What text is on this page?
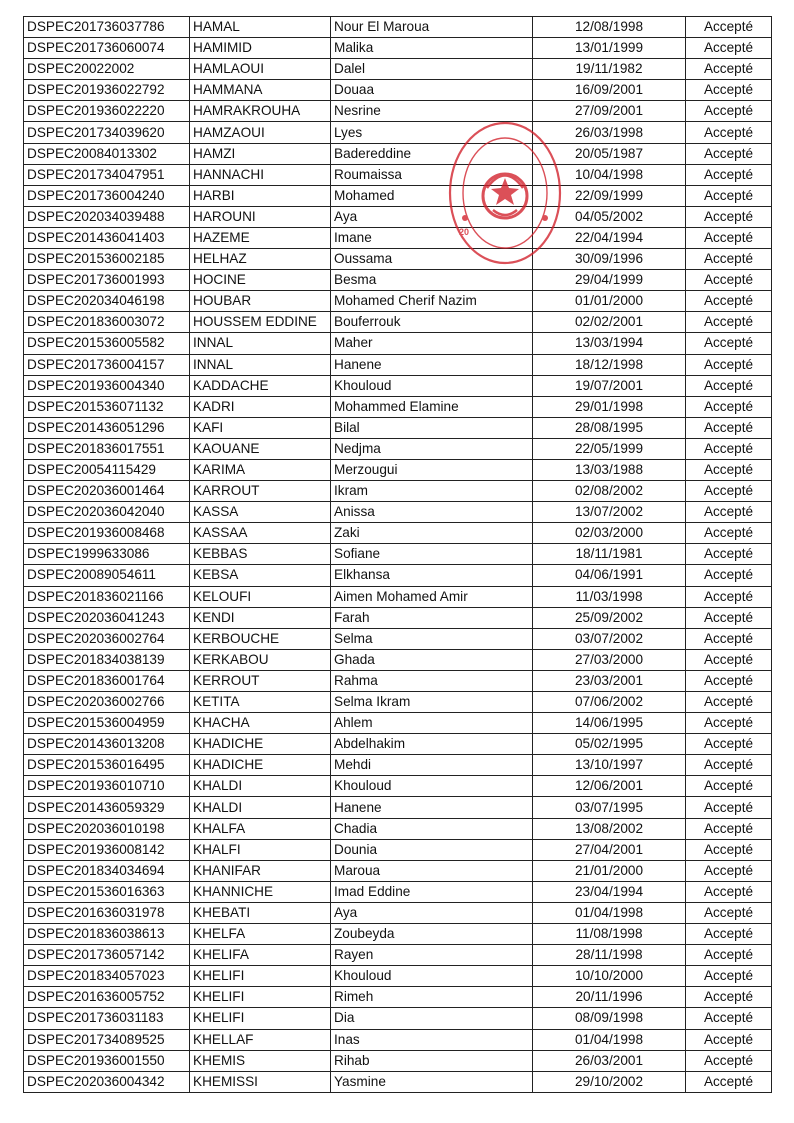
DSPEC201736037786	HAMAL	Nour El Maroua	12/08/1998	Accepté
DSPEC201736060074	HAMIMID	Malika	13/01/1999	Accepté
DSPEC20022002	HAMLAOUI	Dalel	19/11/1982	Accepté
DSPEC201936022792	HAMMANA	Douaa	16/09/2001	Accepté
DSPEC201936022220	HAMRAKROUHA	Nesrine	27/09/2001	Accepté
DSPEC201734039620	HAMZAOUI	Lyes	26/03/1998	Accepté
DSPEC20084013302	HAMZI	Badereddine	20/05/1987	Accepté
DSPEC201734047951	HANNACHI	Roumaissa	10/04/1998	Accepté
DSPEC201736004240	HARBI	Mohamed	22/09/1999	Accepté
DSPEC202034039488	HAROUNI	Aya	04/05/2002	Accepté
DSPEC201436041403	HAZEME	Imane	22/04/1994	Accepté
DSPEC201536002185	HELHAZ	Oussama	30/09/1996	Accepté
DSPEC201736001993	HOCINE	Besma	29/04/1999	Accepté
DSPEC202034046198	HOUBAR	Mohamed Cherif Nazim	01/01/2000	Accepté
DSPEC201836003072	HOUSSEM EDDINE	Bouferrouk	02/02/2001	Accepté
DSPEC201536005582	INNAL	Maher	13/03/1994	Accepté
DSPEC201736004157	INNAL	Hanene	18/12/1998	Accepté
DSPEC201936004340	KADDACHE	Khouloud	19/07/2001	Accepté
DSPEC201536071132	KADRI	Mohammed Elamine	29/01/1998	Accepté
DSPEC201436051296	KAFI	Bilal	28/08/1995	Accepté
DSPEC201836017551	KAOUANE	Nedjma	22/05/1999	Accepté
DSPEC20054115429	KARIMA	Merzougui	13/03/1988	Accepté
DSPEC202036001464	KARROUT	Ikram	02/08/2002	Accepté
DSPEC202036042040	KASSA	Anissa	13/07/2002	Accepté
DSPEC201936008468	KASSAA	Zaki	02/03/2000	Accepté
DSPEC1999633086	KEBBAS	Sofiane	18/11/1981	Accepté
DSPEC20089054611	KEBSA	Elkhansa	04/06/1991	Accepté
DSPEC201836021166	KELOUFI	Aimen Mohamed Amir	11/03/1998	Accepté
DSPEC202036041243	KENDI	Farah	25/09/2002	Accepté
DSPEC202036002764	KERBOUCHE	Selma	03/07/2002	Accepté
DSPEC201834038139	KERKABOU	Ghada	27/03/2000	Accepté
DSPEC201836001764	KERROUT	Rahma	23/03/2001	Accepté
DSPEC202036002766	KETITA	Selma Ikram	07/06/2002	Accepté
DSPEC201536004959	KHACHA	Ahlem	14/06/1995	Accepté
DSPEC201436013208	KHADICHE	Abdelhakim	05/02/1995	Accepté
DSPEC201536016495	KHADICHE	Mehdi	13/10/1997	Accepté
DSPEC201936010710	KHALDI	Khouloud	12/06/2001	Accepté
DSPEC201436059329	KHALDI	Hanene	03/07/1995	Accepté
DSPEC202036010198	KHALFA	Chadia	13/08/2002	Accepté
DSPEC201936008142	KHALFI	Dounia	27/04/2001	Accepté
DSPEC201834034694	KHANIFAR	Maroua	21/01/2000	Accepté
DSPEC201536016363	KHANNICHE	Imad Eddine	23/04/1994	Accepté
DSPEC201636031978	KHEBATI	Aya	01/04/1998	Accepté
DSPEC201836038613	KHELFA	Zoubeyda	11/08/1998	Accepté
DSPEC201736057142	KHELIFA	Rayen	28/11/1998	Accepté
DSPEC201834057023	KHELIFI	Khouloud	10/10/2000	Accepté
DSPEC201636005752	KHELIFI	Rimeh	20/11/1996	Accepté
DSPEC201736031183	KHELIFI	Dia	08/09/1998	Accepté
DSPEC201734089525	KHELLAF	Inas	01/04/1998	Accepté
DSPEC201936001550	KHEMIS	Rihab	26/03/2001	Accepté
DSPEC202036004342	KHEMISSI	Yasmine	29/10/2002	Accepté
20
